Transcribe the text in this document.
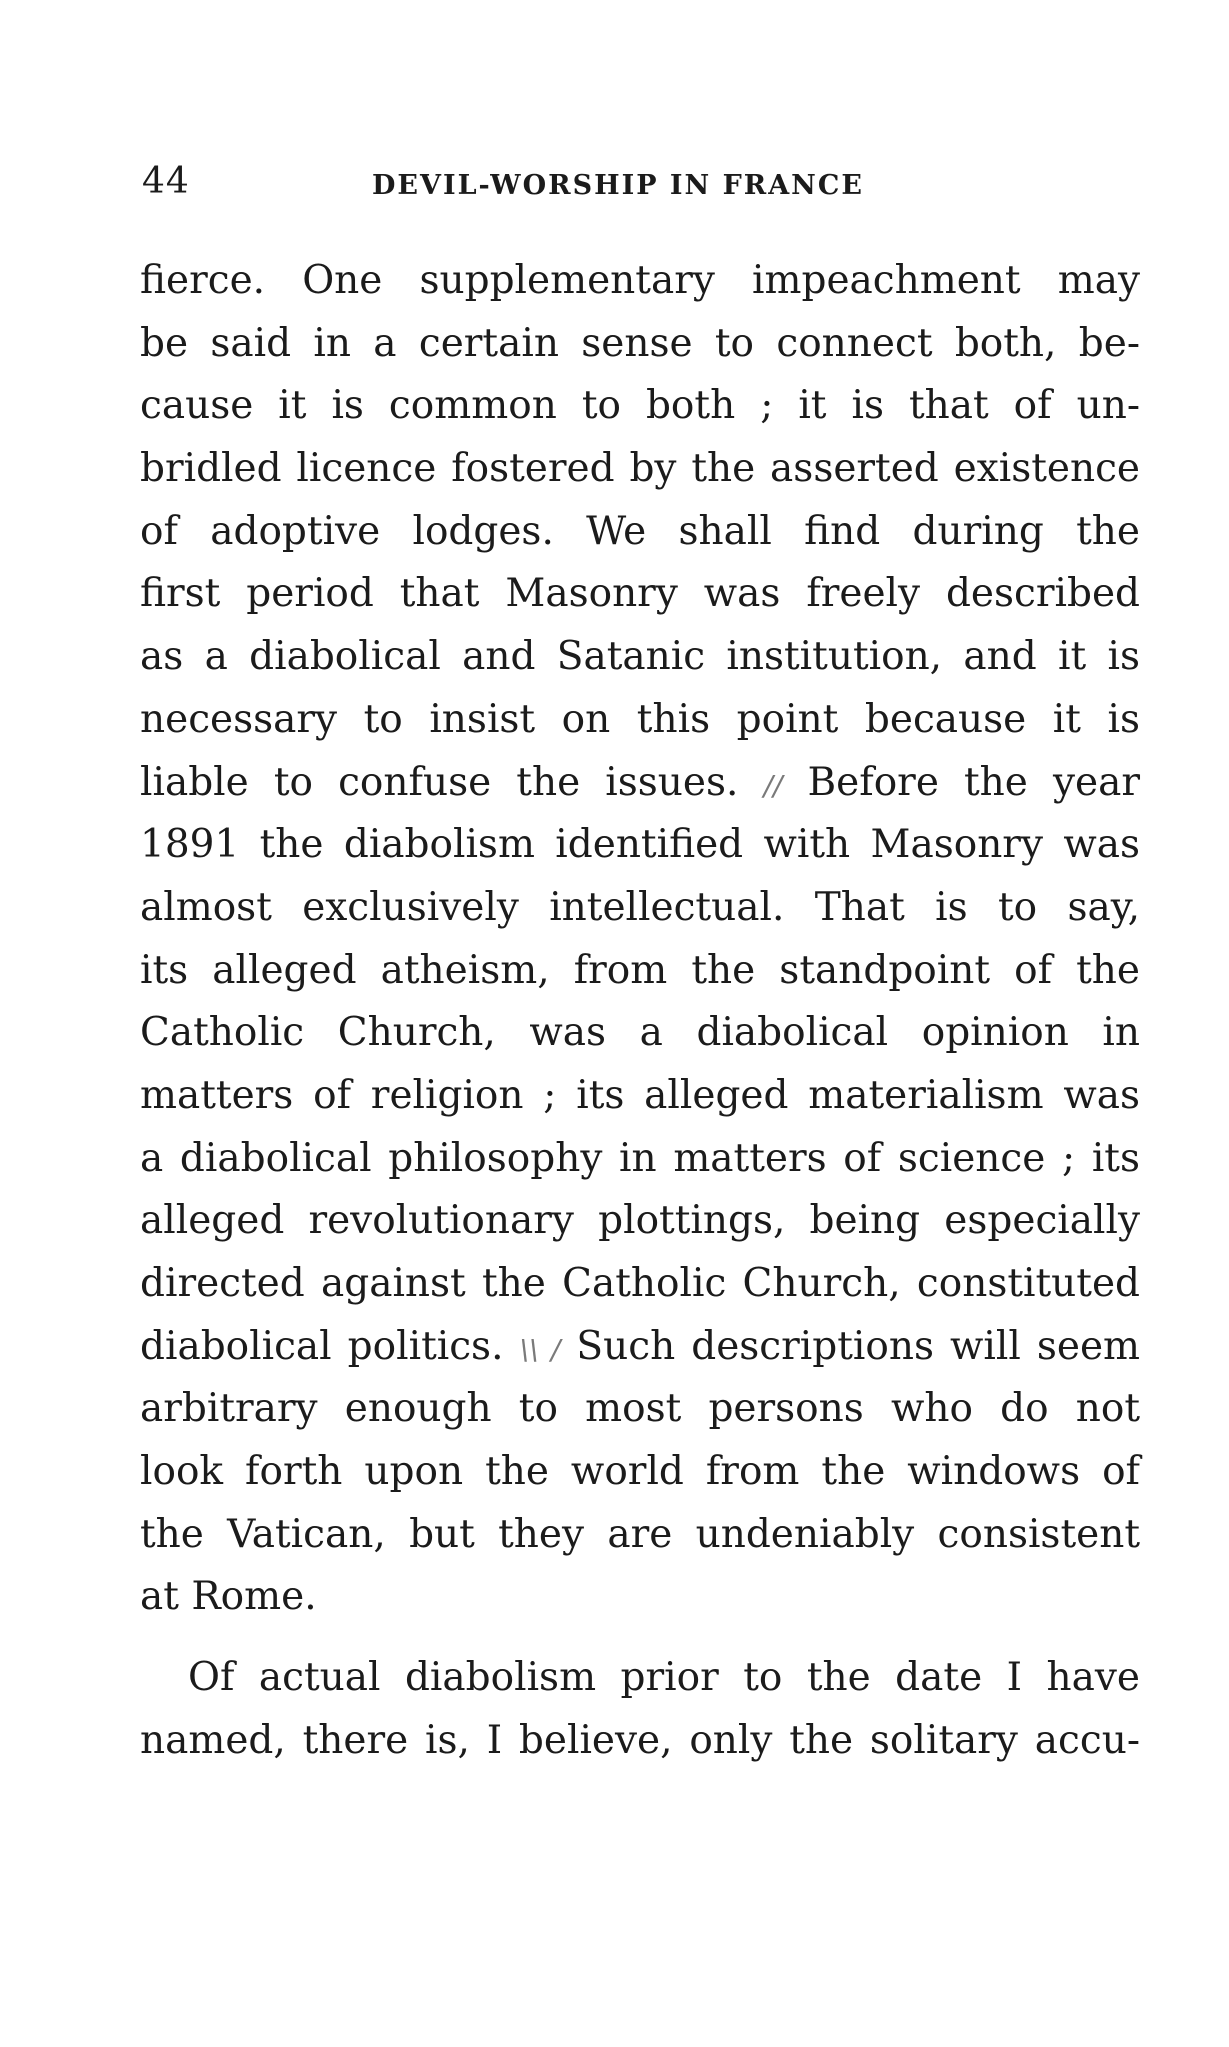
44	DEVIL-WORSHIP IN FRANCE
fierce. One supplementary impeachment may
be said in a certain sense to connect both, be-
cause it is common to both ; it is that of un-
bridled licence fostered by the asserted existence
of adoptive lodges. We shall find during the
first period that Masonry was freely described
as a diabolical and Satanic institution, and it is
necessary to insist on this point because it is
liable to confuse the issues. // Before the year
1891 the diabolism identified with Masonry was
almost exclusively intellectual. That is to say,
its alleged atheism, from the standpoint of the
Catholic Church, was a diabolical opinion in
matters of religion ; its alleged materialism was
a diabolical philosophy in matters of science ; its
alleged revolutionary plottings, being especially
directed against the Catholic Church, constituted
diabolical politics. \\ / Such descriptions will seem
arbitrary enough to most persons who do not
look forth upon the world from the windows of
the Vatican, but they are undeniably consistent
at Rome.
Of actual diabolism prior to the date I have
named, there is, I believe, only the solitary accu-
